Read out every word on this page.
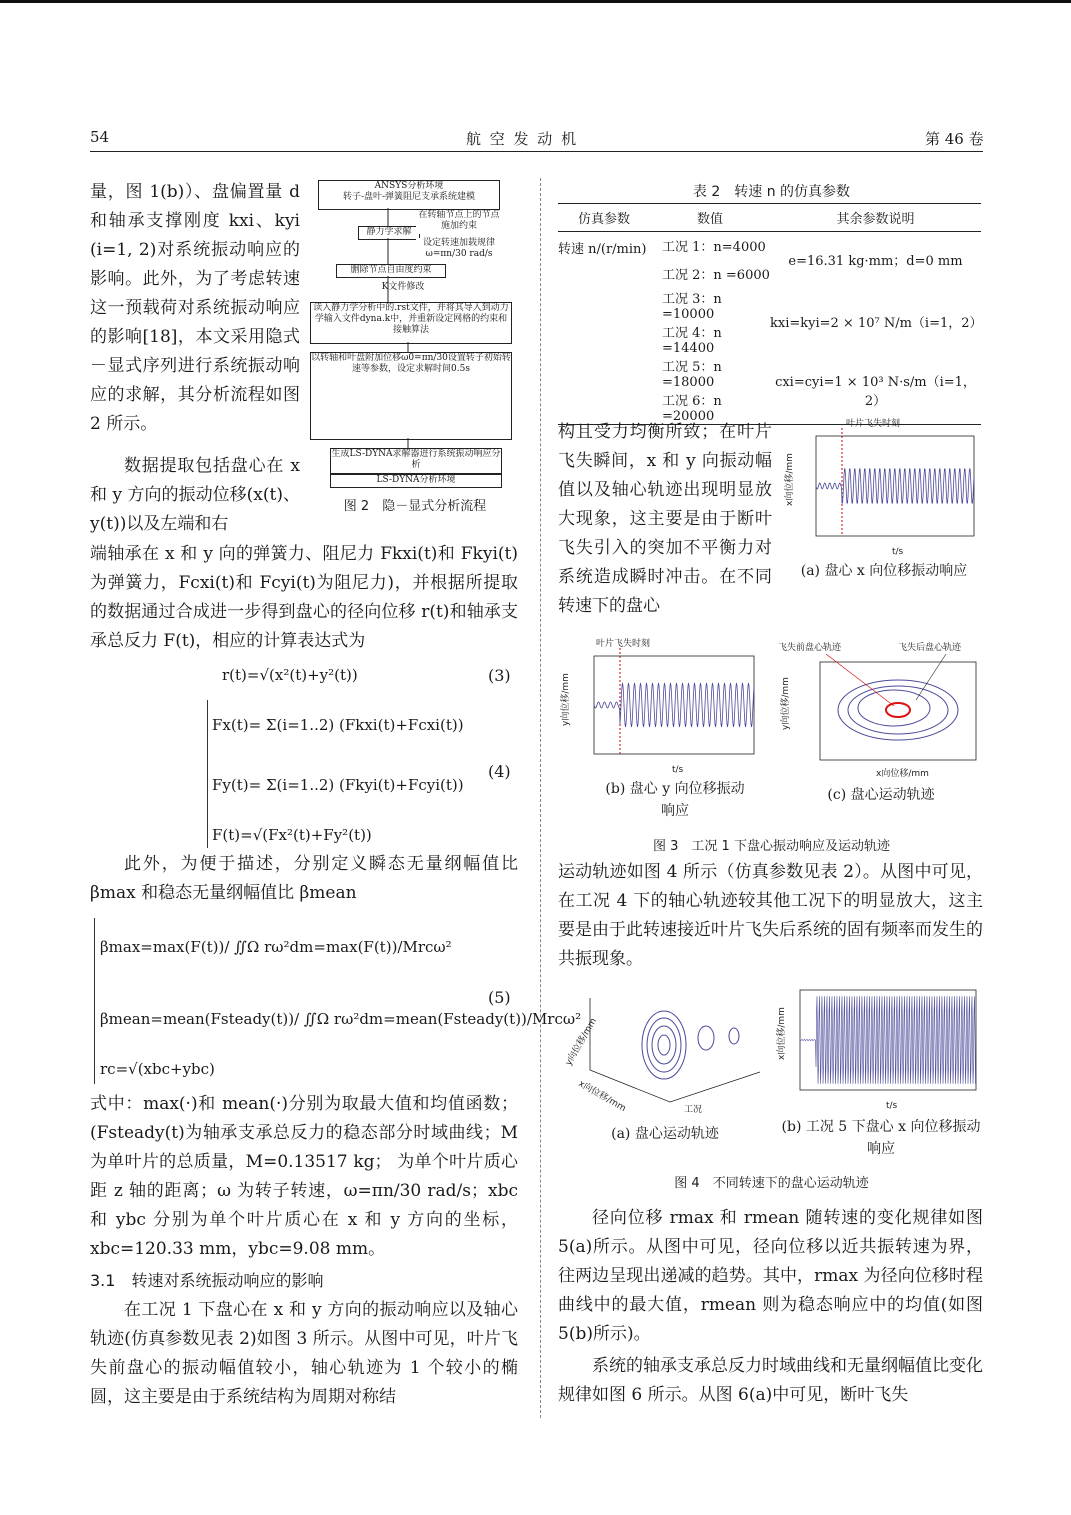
54	航 空 发 动 机	第 46 卷

量，图 1(b)）、盘偏置量 d 和轴承支撑刚度 kxi、kyi (i=1, 2)对系统振动响应的影响。此外，为了考虑转速这一预载荷对系统振动响应的影响[18]，本文采用隐式－显式序列进行系统振动响应的求解，其分析流程如图 2 所示。

ANSYS分析环境
转子-盘叶-弹簧阻尼支承系统建模
静力学求解
在转轴节点上的节点施加约束
设定转速加载规律ω=πn/30 rad/s
删除节点自由度约束
K文件修改
读入静力学分析中的.rst文件，并将其导入到动力学输入文件dyna.k中，并重新设定网格的约束和接触算法
以转轴和叶盘附加位移ω0=πn/30设置转子初始转速等参数，设定求解时间0.5s
生成LS-DYNA求解器进行系统振动响应分析
LS-DYNA分析环境
图 2　隐－显式分析流程

数据提取包括盘心在 x 和 y 方向的振动位移(x(t)、y(t))以及左端和右

端轴承在 x 和 y 向的弹簧力、阻尼力 Fkxi(t)和 Fkyi(t)为弹簧力，Fcxi(t)和 Fcyi(t)为阻尼力)，并根据所提取的数据通过合成进一步得到盘心的径向位移 r(t)和轴承支承总反力 F(t)，相应的计算表达式为

r(t)=√(x²(t)+y²(t))	(3)
Fx(t)= Σ(i=1..2) (Fkxi(t)+Fcxi(t))
Fy(t)= Σ(i=1..2) (Fkyi(t)+Fcyi(t))
F(t)=√(Fx²(t)+Fy²(t))
(4)

此外，为便于描述，分别定义瞬态无量纲幅值比 βmax 和稳态无量纲幅值比 βmean

βmax=max(F(t))/ ∬Ω rω²dm=max(F(t))/Mrcω²
βmean=mean(Fsteady(t))/ ∬Ω rω²dm=mean(Fsteady(t))/Mrcω²
rc=√(xbc+ybc)
(5)

式中：max(·)和 mean(·)分别为取最大值和均值函数；(Fsteady(t)为轴承支承总反力的稳态部分时域曲线；M 为单叶片的总质量，M=0.13517 kg； 为单个叶片质心距 z 轴的距离；ω 为转子转速，ω=πn/30 rad/s；xbc 和 ybc 分别为单个叶片质心在 x 和 y 方向的坐标，xbc=120.33 mm，ybc=9.08 mm。

3.1　转速对系统振动响应的影响

在工况 1 下盘心在 x 和 y 方向的振动响应以及轴心轨迹(仿真参数见表 2)如图 3 所示。从图中可见，叶片飞失前盘心的振动幅值较小，轴心轨迹为 1 个较小的椭圆，这主要是由于系统结构为周期对称结

表 2　转速 n 的仿真参数
仿真参数	数值	其余参数说明
转速 n/(r/min)	工况 1：n=4000	e=16.31 kg·mm；d=0 mm
	工况 2：n =6000	
	工况 3：n =10000	kxi=kyi=2 × 10⁷ N/m（i=1，2）
	工况 4：n =14400	
	工况 5：n =18000	cxi=cyi=1 × 10³ N·s/m（i=1，2）
	工况 6：n =20000	

构且受力均衡所致；在叶片飞失瞬间，x 和 y 向振动幅值以及轴心轨迹出现明显放大现象，这主要是由于断叶飞失引入的突加不平衡力对系统造成瞬时冲击。在不同转速下的盘心

叶片飞失时刻
x向位移/mm
t/s
(a) 盘心 x 向位移振动响应
叶片飞失时刻
y向位移/mm
t/s
(b) 盘心 y 向位移振动响应
飞失前盘心轨迹	飞失后盘心轨迹
y向位移/mm
x向位移/mm
(c) 盘心运动轨迹
图 3　工况 1 下盘心振动响应及运动轨迹

运动轨迹如图 4 所示（仿真参数见表 2）。从图中可见，在工况 4 下的轴心轨迹较其他工况下的明显放大，这主要是由于此转速接近叶片飞失后系统的固有频率而发生的共振现象。

y向位移/mm
x向位移/mm	工况
(a) 盘心运动轨迹
x向位移/mm
t/s
(b) 工况 5 下盘心 x 向位移振动响应
图 4　不同转速下的盘心运动轨迹

径向位移 rmax 和 rmean 随转速的变化规律如图 5(a)所示。从图中可见，径向位移以近共振转速为界，往两边呈现出递减的趋势。其中，rmax 为径向位移时程曲线中的最大值，rmean 则为稳态响应中的均值(如图 5(b)所示)。

系统的轴承支承总反力时域曲线和无量纲幅值比变化规律如图 6 所示。从图 6(a)中可见，断叶飞失
